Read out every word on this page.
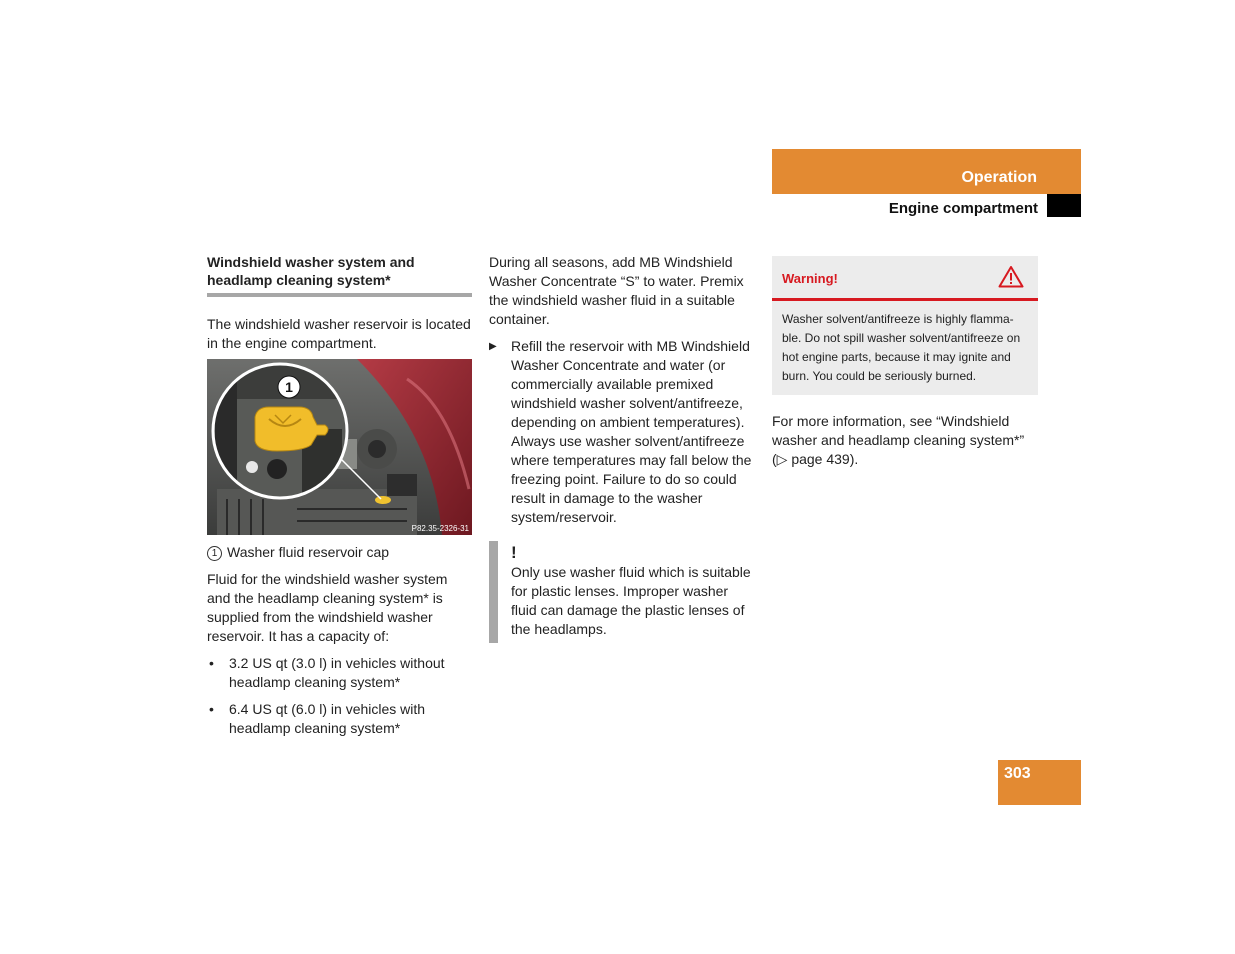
Operation
Engine compartment

Windshield washer system and headlamp cleaning system*

The windshield washer reservoir is located in the engine compartment.

1
P82.35-2326-31

1 Washer fluid reservoir cap

Fluid for the windshield washer system and the headlamp cleaning system* is supplied from the windshield washer reservoir. It has a capacity of:

• 3.2 US qt (3.0 l) in vehicles without headlamp cleaning system*
• 6.4 US qt (6.0 l) in vehicles with headlamp cleaning system*

During all seasons, add MB Windshield Washer Concentrate “S” to water. Premix the windshield washer fluid in a suitable container.

▶ Refill the reservoir with MB Windshield Washer Concentrate and water (or commercially available premixed windshield washer solvent/antifreeze, depending on ambient temperatures).

Always use washer solvent/antifreeze where temperatures may fall below the freezing point. Failure to do so could result in damage to the washer system/reservoir.

!

Only use washer fluid which is suitable for plastic lenses. Improper washer fluid can damage the plastic lenses of the headlamps.

Warning!
Washer solvent/antifreeze is highly flamma-ble. Do not spill washer solvent/antifreeze on hot engine parts, because it may ignite and burn. You could be seriously burned.

For more information, see “Windshield washer and headlamp cleaning system*” (▷ page 439).

303
